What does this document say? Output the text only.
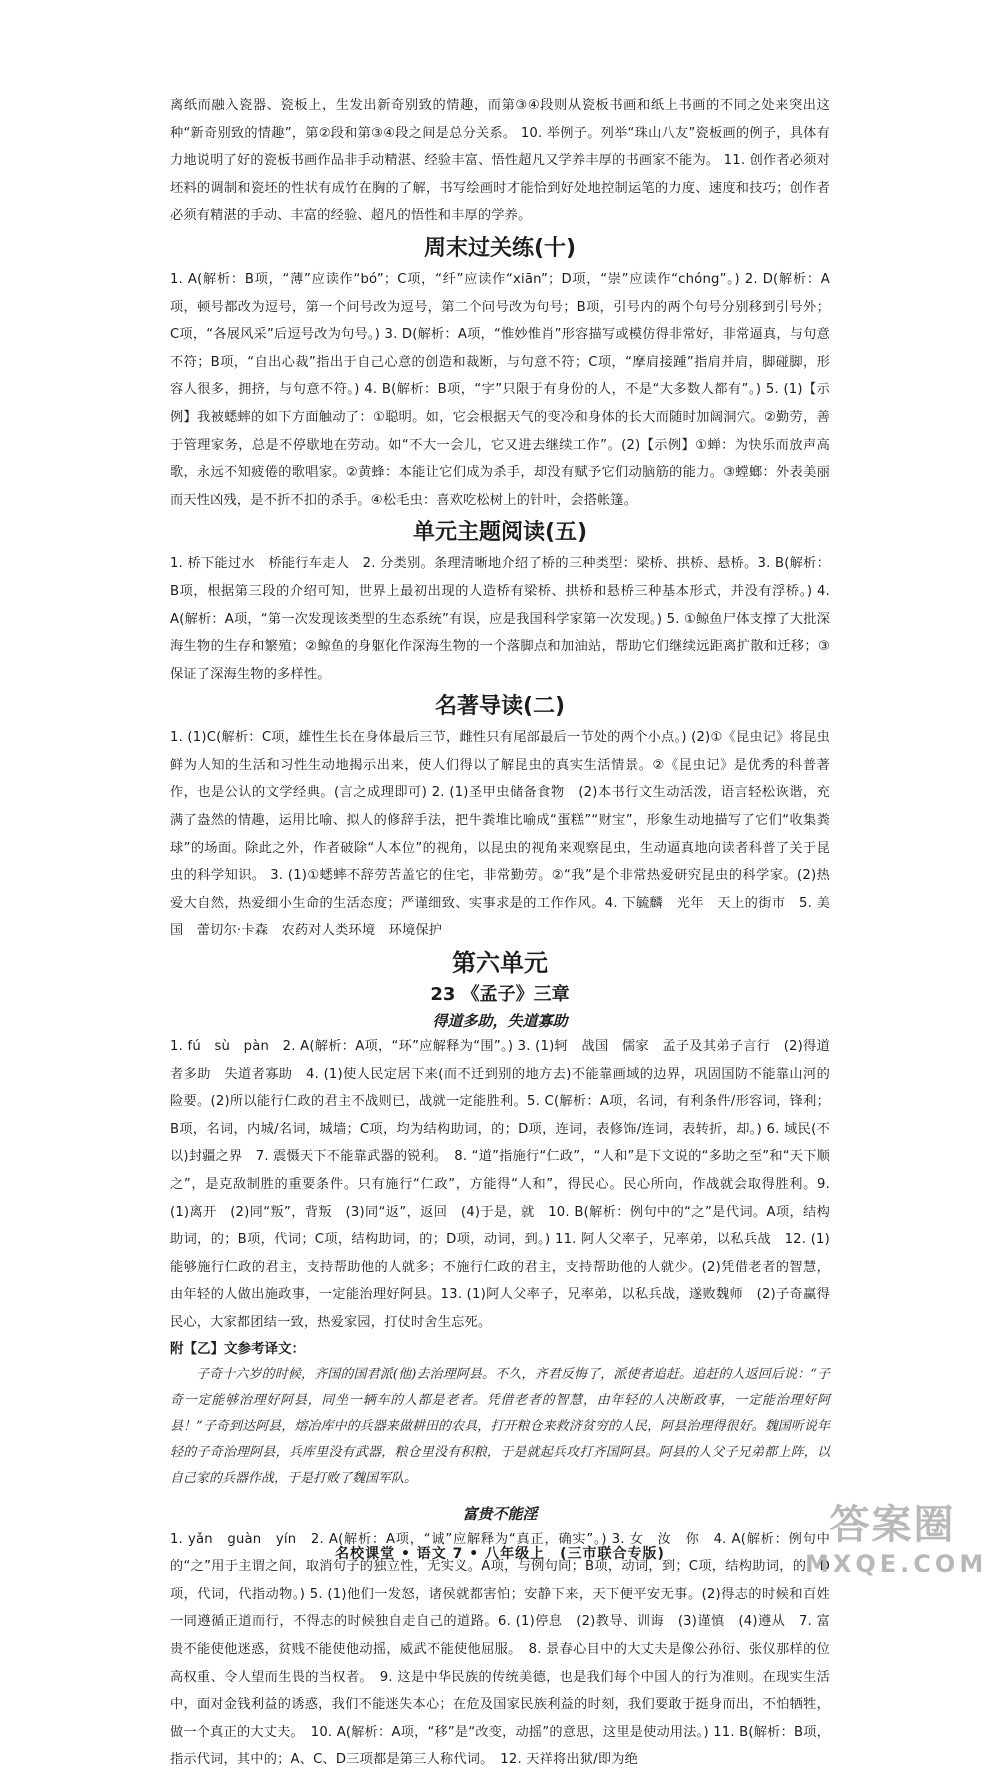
离纸而融入瓷器、瓷板上，生发出新奇别致的情趣，而第③④段则从瓷板书画和纸上书画的不同之处来突出这种“新奇别致的情趣”，第②段和第③④段之间是总分关系。 10. 举例子。列举“珠山八友”瓷板画的例子，具体有力地说明了好的瓷板书画作品非手动精湛、经验丰富、悟性超凡又学养丰厚的书画家不能为。 11. 创作者必须对坯料的调制和瓷坯的性状有成竹在胸的了解，书写绘画时才能恰到好处地控制运笔的力度、速度和技巧；创作者必须有精湛的手动、丰富的经验、超凡的悟性和丰厚的学养。

周末过关练(十)

1. A(解析：B项，“薄”应读作“bó”；C项，“纤”应读作“xiān”；D项，“崇”应读作“chóng”。) 2. D(解析：A项，顿号都改为逗号，第一个问号改为逗号，第二个问号改为句号；B项，引号内的两个句号分别移到引号外；C项，“各展风采”后逗号改为句号。) 3. D(解析：A项，“惟妙惟肖”形容描写或模仿得非常好，非常逼真，与句意不符；B项，“自出心裁”指出于自己心意的创造和裁断，与句意不符；C项，“摩肩接踵”指肩并肩，脚碰脚，形容人很多，拥挤，与句意不符。) 4. B(解析：B项，“字”只限于有身份的人，不是“大多数人都有”。) 5. (1)【示例】我被蟋蟀的如下方面触动了：①聪明。如，它会根据天气的变冷和身体的长大而随时加阔洞穴。②勤劳，善于管理家务，总是不停歇地在劳动。如“不大一会儿，它又进去继续工作”。(2)【示例】①蝉：为快乐而放声高歌，永远不知疲倦的歌唱家。②黄蜂：本能让它们成为杀手，却没有赋予它们动脑筋的能力。③螳螂：外表美丽而天性凶残，是不折不扣的杀手。④松毛虫：喜欢吃松树上的针叶，会搭帐篷。

单元主题阅读(五)

1. 桥下能过水　桥能行车走人　2. 分类别。条理清晰地介绍了桥的三种类型：梁桥、拱桥、悬桥。3. B(解析：B项，根据第三段的介绍可知，世界上最初出现的人造桥有梁桥、拱桥和悬桥三种基本形式，并没有浮桥。) 4. A(解析：A项，“第一次发现该类型的生态系统”有误，应是我国科学家第一次发现。) 5. ①鲸鱼尸体支撑了大批深海生物的生存和繁殖；②鲸鱼的身躯化作深海生物的一个落脚点和加油站，帮助它们继续远距离扩散和迁移；③保证了深海生物的多样性。

名著导读(二)

1. (1)C(解析：C项，雄性生长在身体最后三节，雌性只有尾部最后一节处的两个小点。) (2)①《昆虫记》将昆虫鲜为人知的生活和习性生动地揭示出来，使人们得以了解昆虫的真实生活情景。②《昆虫记》是优秀的科普著作，也是公认的文学经典。(言之成理即可) 2. (1)圣甲虫储备食物　(2)本书行文生动活泼，语言轻松诙谐，充满了盎然的情趣，运用比喻、拟人的修辞手法，把牛粪堆比喻成“蛋糕”“财宝”，形象生动地描写了它们“收集粪球”的场面。除此之外，作者破除“人本位”的视角，以昆虫的视角来观察昆虫，生动逼真地向读者科普了关于昆虫的科学知识。 3. (1)①蟋蟀不辞劳苦盖它的住宅，非常勤劳。②“我”是个非常热爱研究昆虫的科学家。(2)热爱大自然，热爱细小生命的生活态度；严谨细致、实事求是的工作作风。4. 下毓麟　光年　天上的街市　5. 美国　蕾切尔·卡森　农药对人类环境　环境保护

第六单元
23 《孟子》三章
得道多助，失道寡助

1. fú　sù　pàn　2. A(解析：A项，“环”应解释为“围”。) 3. (1)轲　战国　儒家　孟子及其弟子言行　(2)得道者多助　失道者寡助　4. (1)使人民定居下来(而不迁到别的地方去)不能靠画域的边界，巩固国防不能靠山河的险要。(2)所以能行仁政的君主不战则已，战就一定能胜利。5. C(解析：A项，名词，有利条件/形容词，锋利；B项，名词，内城/名词，城墙；C项，均为结构助词，的；D项，连词，表修饰/连词，表转折，却。) 6. 域民(不以)封疆之界　7. 震慑天下不能靠武器的锐利。　8. “道”指施行“仁政”，“人和”是下文说的“多助之至”和“天下顺之”，是克敌制胜的重要条件。只有施行“仁政”，方能得“人和”，得民心。民心所向，作战就会取得胜利。9. (1)离开　(2)同“叛”，背叛　(3)同“返”，返回　(4)于是，就　10. B(解析：例句中的“之”是代词。A项，结构助词，的；B项，代词；C项，结构助词，的；D项，动词，到。) 11. 阿人父率子，兄率弟，以私兵战　12. (1)能够施行仁政的君主，支持帮助他的人就多；不施行仁政的君主，支持帮助他的人就少。(2)凭借老者的智慧，由年轻的人做出施政事，一定能治理好阿县。13. (1)阿人父率子，兄率弟，以私兵战，遂败魏师　(2)子奇赢得民心，大家都团结一致，热爱家园，打仗时舍生忘死。

附【乙】文参考译文：

子奇十六岁的时候，齐国的国君派(他)去治理阿县。不久，齐君反悔了，派使者追赶。追赶的人返回后说：“子奇一定能够治理好阿县，同坐一辆车的人都是老者。凭借老者的智慧，由年轻的人决断政事，一定能治理好阿县！”子奇到达阿县，熔冶库中的兵器来做耕田的农具，打开粮仓来救济贫穷的人民，阿县治理得很好。魏国听说年轻的子奇治理阿县，兵库里没有武器，粮仓里没有积粮，于是就起兵攻打齐国阿县。阿县的人父子兄弟都上阵，以自己家的兵器作战，于是打败了魏国军队。

富贵不能淫

1. yǎn　guàn　yín　2. A(解析：A项，“诚”应解释为“真正，确实”。) 3. 女　汝　你　4. A(解析：例句中的“之”用于主谓之间，取消句子的独立性，无实义。A项，与例句同；B项，动词，到；C项，结构助词，的；D项，代词，代指动物。) 5. (1)他们一发怒，诸侯就都害怕；安静下来，天下便平安无事。(2)得志的时候和百姓一同遵循正道而行，不得志的时候独自走自己的道路。6. (1)停息　(2)教导、训诲　(3)谨慎　(4)遵从　7. 富贵不能使他迷惑，贫贱不能使他动摇，威武不能使他屈服。　8. 景春心目中的大丈夫是像公孙衍、张仪那样的位高权重、令人望而生畏的当权者。　9. 这是中华民族的传统美德，也是我们每个中国人的行为准则。在现实生活中，面对金钱利益的诱惑，我们不能迷失本心；在危及国家民族利益的时刻，我们要敢于挺身而出，不怕牺牲，做一个真正的大丈夫。　10. A(解析：A项，“移”是“改变，动摇”的意思，这里是使动用法。) 11. B(解析：B项，指示代词，其中的；A、C、D三项都是第三人称代词。　12. 天祥将出狱/即为绝

名校课堂 • 语文 7 • 八年级上　(三市联合专版)
答案圈
MXQE.COM
